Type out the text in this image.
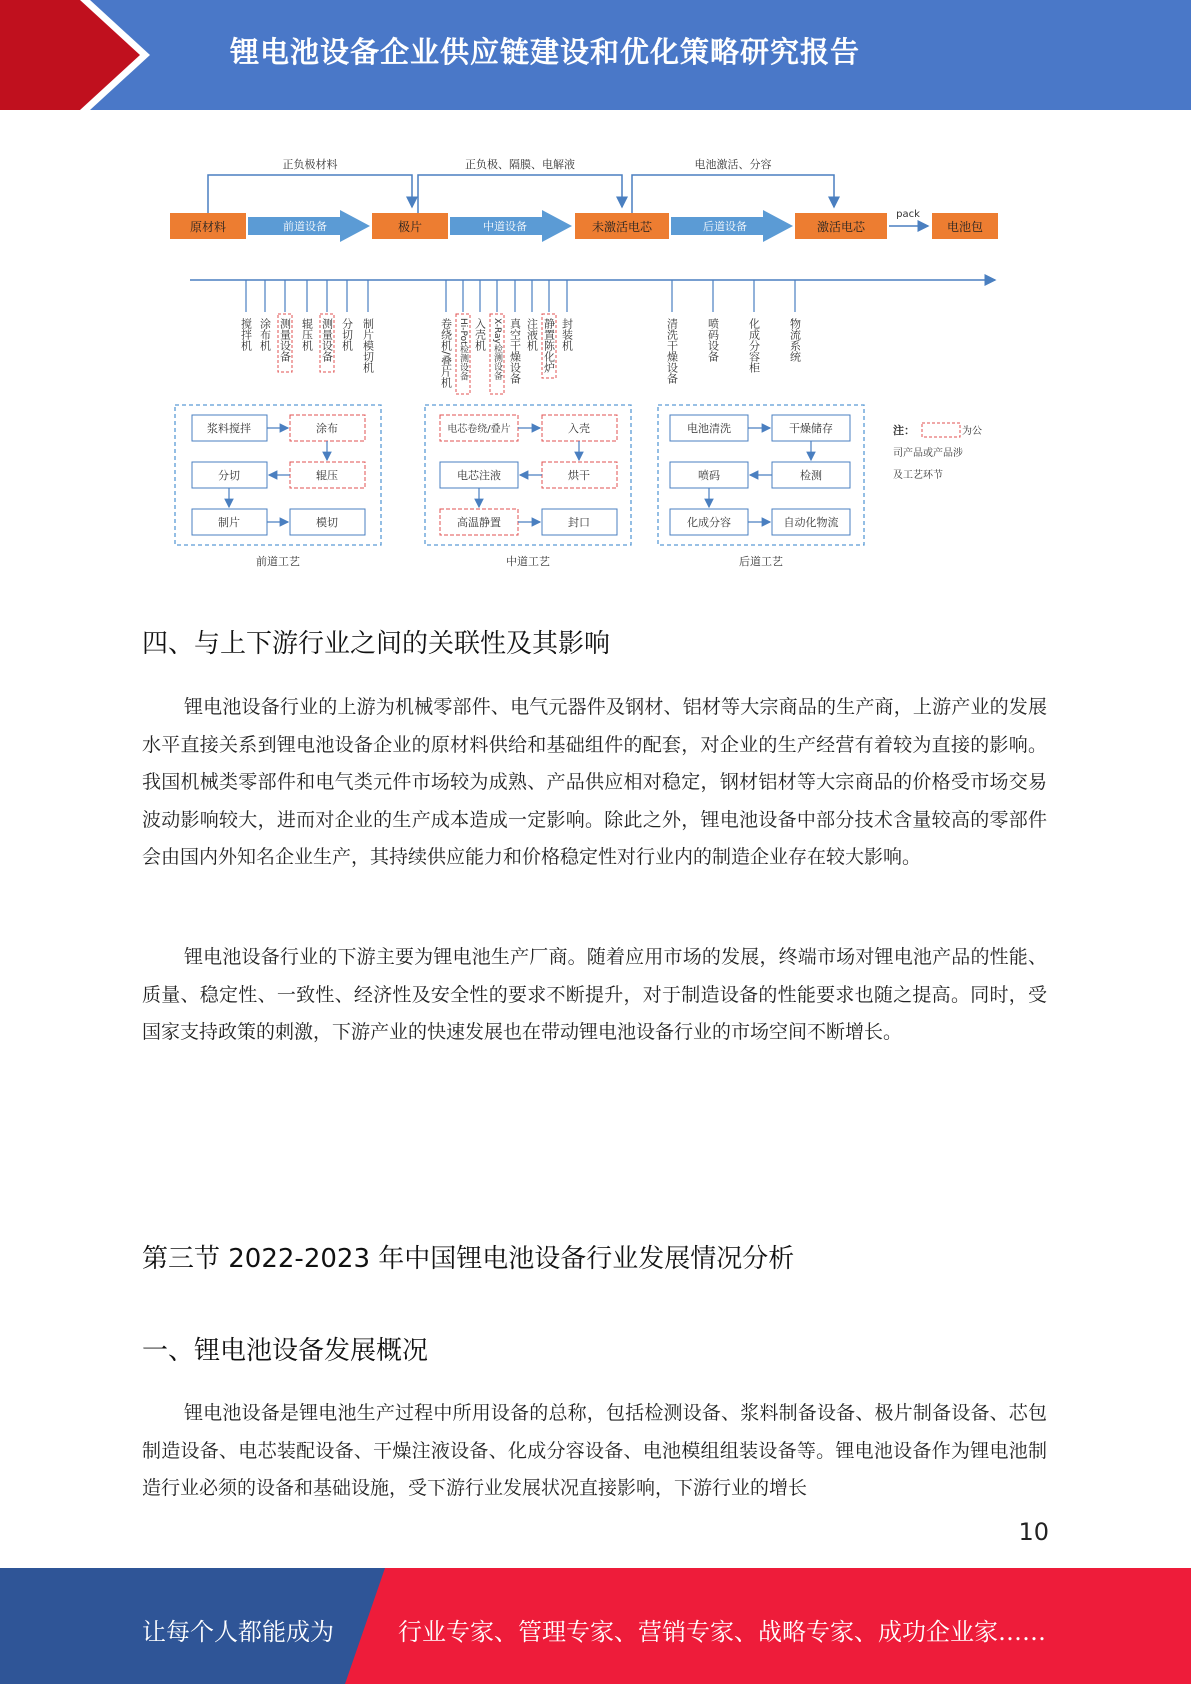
锂电池设备企业供应链建设和优化策略研究报告
正负极材料	正负极、隔膜、电解液	电池激活、分容
原材料	极片	未激活电芯	激活电芯	电池包
前道设备	中道设备	后道设备
pack
搅拌机 涂布机 测量设备 辊压机 测量设备 分切机 制片模切机	卷绕机/叠片机 Hi-Pot检测设备 入壳机 X-Ray检测设备 真空干燥设备 注液机 静置陈化炉 封装机	清洗干燥设备	喷码设备	化成分容柜	物流系统
浆料搅拌	涂布
分切	辊压
制片	模切
电芯卷绕/叠片	入壳
电芯注液	烘干
高温静置	封口
电池清洗	干燥储存
喷码	检测
化成分容	自动化物流
前道工艺	中道工艺	后道工艺
注：	为公
司产品或产品涉
及工艺环节
四、与上下游行业之间的关联性及其影响
锂电池设备行业的上游为机械零部件、电气元器件及钢材、铝材等大宗商品的生产商，上游产业的发展水平直接关系到锂电池设备企业的原材料供给和基础组件的配套，对企业的生产经营有着较为直接的影响。我国机械类零部件和电气类元件市场较为成熟、产品供应相对稳定，钢材铝材等大宗商品的价格受市场交易波动影响较大，进而对企业的生产成本造成一定影响。除此之外，锂电池设备中部分技术含量较高的零部件会由国内外知名企业生产，其持续供应能力和价格稳定性对行业内的制造企业存在较大影响。
锂电池设备行业的下游主要为锂电池生产厂商。随着应用市场的发展，终端市场对锂电池产品的性能、质量、稳定性、一致性、经济性及安全性的要求不断提升，对于制造设备的性能要求也随之提高。同时，受国家支持政策的刺激，下游产业的快速发展也在带动锂电池设备行业的市场空间不断增长。
第三节 2022-2023 年中国锂电池设备行业发展情况分析
一、锂电池设备发展概况
锂电池设备是锂电池生产过程中所用设备的总称，包括检测设备、浆料制备设备、极片制备设备、芯包制造设备、电芯装配设备、干燥注液设备、化成分容设备、电池模组组装设备等。锂电池设备作为锂电池制造行业必须的设备和基础设施，受下游行业发展状况直接影响，下游行业的增长
10
让每个人都能成为	行业专家、管理专家、营销专家、战略专家、成功企业家……
